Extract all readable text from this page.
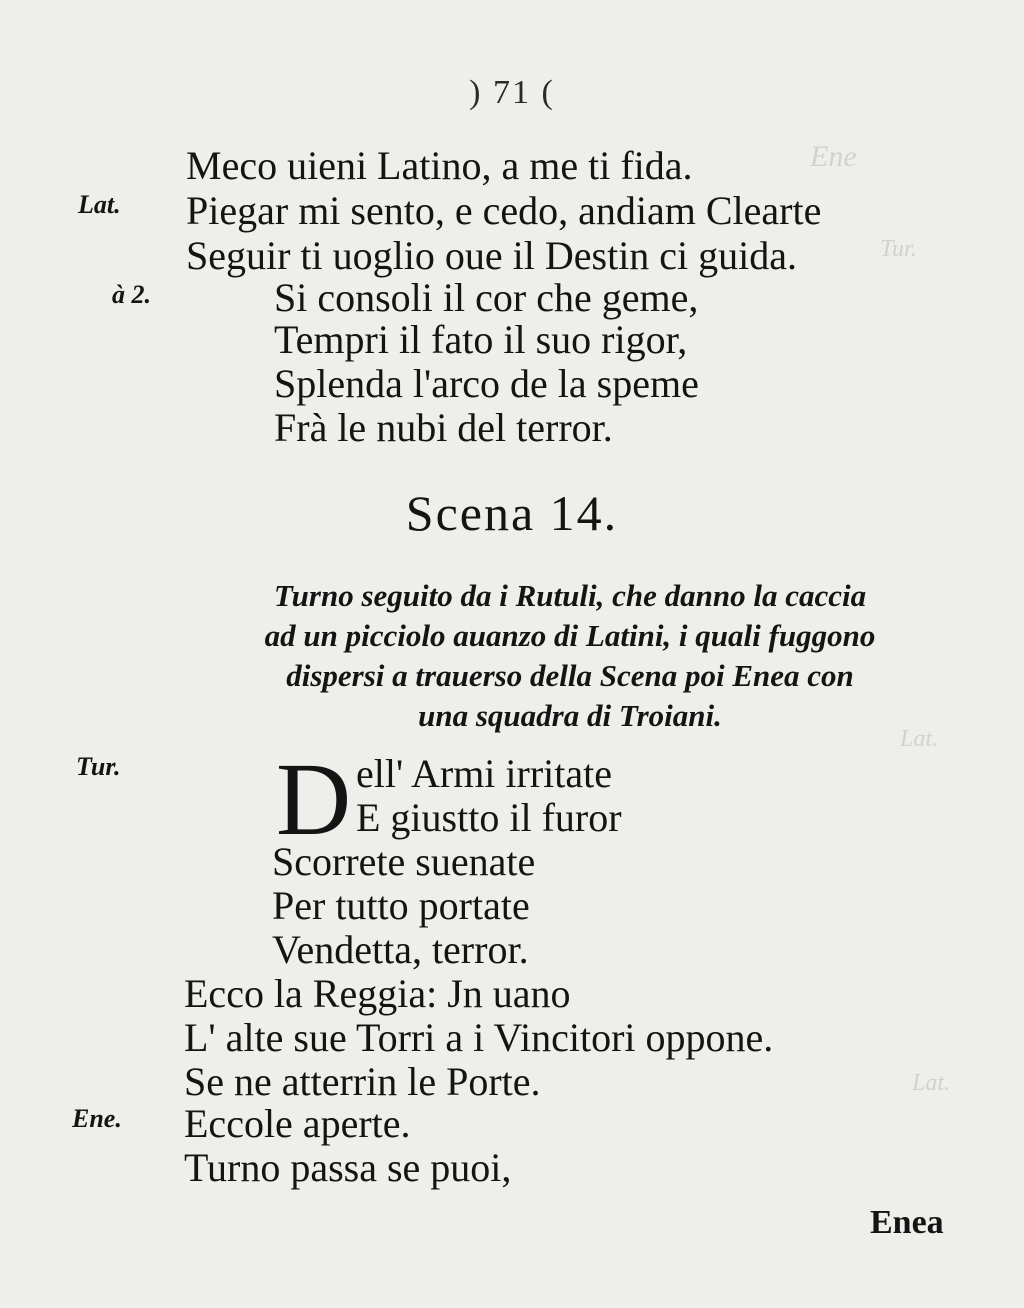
Ene
Tur.
Lat.
Lat.
) 71 (
Meco uieni Latino, a me ti fida.
Lat. Piegar mi sento, e cedo, andiam Clearte
Seguir ti uoglio oue il Destin ci guida.
à 2.	Si consoli il cor che geme,
Tempri il fato il suo rigor,
Splenda l'arco de la speme
Frà le nubi del terror.
Scena 14.
Turno seguito da i Rutuli, che danno la caccia
ad un picciolo auanzo di Latini, i quali fuggono
dispersi a trauerso della Scena poi Enea con
una squadra di Troiani.
Tur. D ell' Armi irritate
E giustto il furor
Scorrete suenate
Per tutto portate
Vendetta, terror.
Ecco la Reggia: Jn uano
L' alte sue Torri a i Vincitori oppone.
Se ne atterrin le Porte.
Ene. Eccole aperte.
Turno passa se puoi,
Enea
